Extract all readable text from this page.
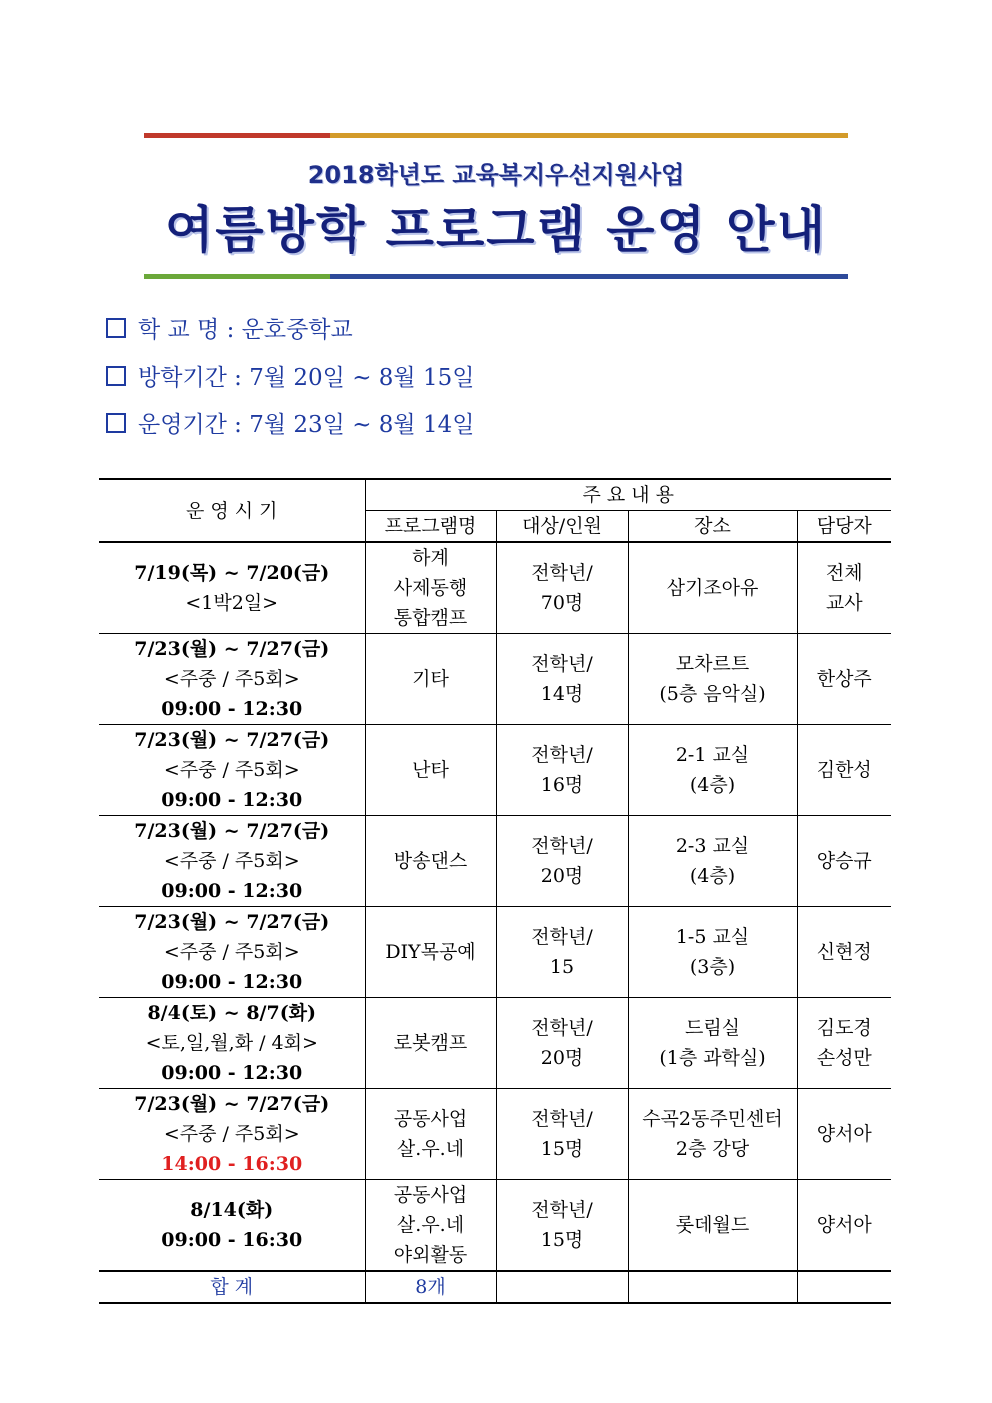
2018학년도 교육복지우선지원사업
여름방학 프로그램 운영 안내
학 교 명 : 운호중학교
방학기간 : 7월 20일 ~ 8월 15일
운영기간 : 7월 23일 ~ 8월 14일
운 영 시 기	주 요 내 용			
	프로그램명	대상/인원	장소	담당자

7/19(목) ~ 7/20(금)
<1박2일>	하계
사제동행
통합캠프	전학년/
70명	삼기조아유	전체
교사

7/23(월) ~ 7/27(금)
<주중 / 주5회>
09:00 - 12:30	기타	전학년/
14명	모차르트
(5층 음악실)	한상주

7/23(월) ~ 7/27(금)
<주중 / 주5회>
09:00 - 12:30	난타	전학년/
16명	2-1 교실
(4층)	김한성

7/23(월) ~ 7/27(금)
<주중 / 주5회>
09:00 - 12:30	방송댄스	전학년/
20명	2-3 교실
(4층)	양승규

7/23(월) ~ 7/27(금)
<주중 / 주5회>
09:00 - 12:30	DIY목공예	전학년/
15	1-5 교실
(3층)	신현정

8/4(토) ~ 8/7(화)
<토,일,월,화 / 4회>
09:00 - 12:30	로봇캠프	전학년/
20명	드림실
(1층 과학실)	김도경
손성만

7/23(월) ~ 7/27(금)
<주중 / 주5회>
14:00 - 16:30	공동사업
살.우.네	전학년/
15명	수곡2동주민센터
2층 강당	양서아

8/14(화)
09:00 - 16:30	공동사업
살.우.네
야외활동	전학년/
15명	롯데월드	양서아

합 계	8개			
